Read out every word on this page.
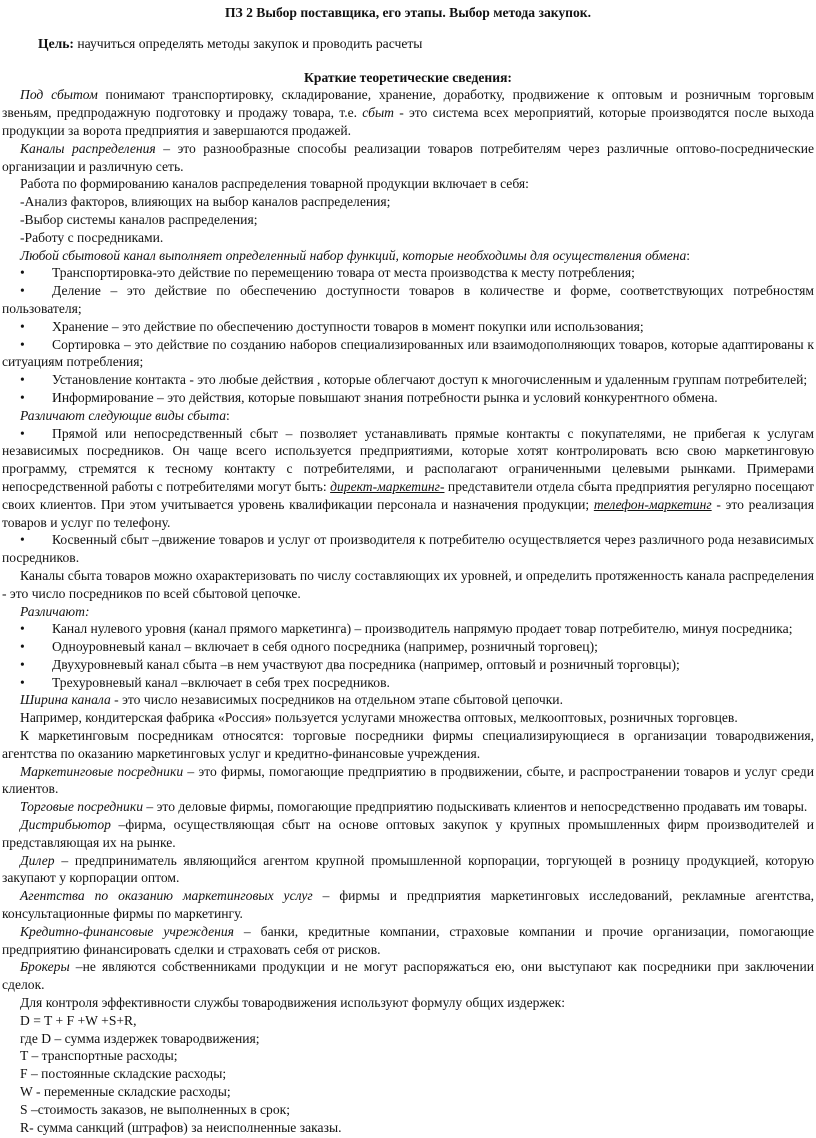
ПЗ 2 Выбор поставщика, его этапы. Выбор метода закупок.

Цель: научиться определять методы закупок и проводить расчеты

Краткие теоретические сведения:

Под сбытом понимают транспортировку, складирование, хранение, доработку, продвижение к оптовым и розничным торговым звеньям, предпродажную подготовку и продажу товара, т.е. сбыт - это система всех мероприятий, которые производятся после выхода продукции за ворота предприятия и завершаются продажей.

Каналы распределения – это разнообразные способы реализации товаров потребителям через различные оптово-посреднические организации и различную сеть.

Работа по формированию каналов распределения товарной продукции включает в себя:

-Анализ факторов, влияющих на выбор каналов распределения;

-Выбор системы каналов распределения;

-Работу с посредниками.

Любой сбытовой канал выполняет определенный набор функций, которые необходимы для осуществления обмена:

• Транспортировка-это действие по перемещению товара от места производства к месту потребления;

• Деление – это действие по обеспечению доступности товаров в количестве и форме, соответствующих потребностям пользователя;

• Хранение – это действие по обеспечению доступности товаров в момент покупки или использования;

• Сортировка – это действие по созданию наборов специализированных или взаимодополняющих товаров, которые адаптированы к ситуациям потребления;

• Установление контакта - это любые действия , которые облегчают доступ к многочисленным и удаленным группам потребителей;

• Информирование – это действия, которые повышают знания потребности рынка и условий конкурентного обмена.

Различают следующие виды сбыта:

• Прямой или непосредственный сбыт – позволяет устанавливать прямые контакты с покупателями, не прибегая к услугам независимых посредников. Он чаще всего используется предприятиями, которые хотят контролировать всю свою маркетинговую программу, стремятся к тесному контакту с потребителями, и располагают ограниченными целевыми рынками. Примерами непосредственной работы с потребителями могут быть: директ-маркетинг- представители отдела сбыта предприятия регулярно посещают своих клиентов. При этом учитывается уровень квалификации персонала и назначения продукции; телефон-маркетинг - это реализация товаров и услуг по телефону.

• Косвенный сбыт –движение товаров и услуг от производителя к потребителю осуществляется через различного рода независимых посредников.

Каналы сбыта товаров можно охарактеризовать по числу составляющих их уровней, и определить протяженность канала распределения - это число посредников по всей сбытовой цепочке.

Различают:

• Канал нулевого уровня (канал прямого маркетинга) – производитель напрямую продает товар потребителю, минуя посредника;

• Одноуровневый канал – включает в себя одного посредника (например, розничный торговец);

• Двухуровневый канал сбыта –в нем участвуют два посредника (например, оптовый и розничный торговцы);

• Трехуровневый канал –включает в себя трех посредников.

Ширина канала - это число независимых посредников на отдельном этапе сбытовой цепочки.

Например, кондитерская фабрика «Россия» пользуется услугами множества оптовых, мелкооптовых, розничных торговцев.

К маркетинговым посредникам относятся: торговые посредники фирмы специализирующиеся в организации товародвижения, агентства по оказанию маркетинговых услуг и кредитно-финансовые учреждения.

Маркетинговые посредники – это фирмы, помогающие предприятию в продвижении, сбыте, и распространении товаров и услуг среди клиентов.

Торговые посредники – это деловые фирмы, помогающие предприятию подыскивать клиентов и непосредственно продавать им товары.

Дистрибьютор –фирма, осуществляющая сбыт на основе оптовых закупок у крупных промышленных фирм производителей и представляющая их на рынке.

Дилер – предприниматель являющийся агентом крупной промышленной корпорации, торгующей в розницу продукцией, которую закупают у корпорации оптом.

Агентства по оказанию маркетинговых услуг – фирмы и предприятия маркетинговых исследований, рекламные агентства, консультационные фирмы по маркетингу.

Кредитно-финансовые учреждения – банки, кредитные компании, страховые компании и прочие организации, помогающие предприятию финансировать сделки и страховать себя от рисков.

Брокеры –не являются собственниками продукции и не могут распоряжаться ею, они выступают как посредники при заключении сделок.

Для контроля эффективности службы товародвижения используют формулу общих издержек:

D = T + F +W +S+R,

где D – сумма издержек товародвижения;

T – транспортные расходы;

F – постоянные складские расходы;

W - переменные складские расходы;

S –стоимость заказов, не выполненных в срок;

R- сумма санкций (штрафов) за неисполненные заказы.
